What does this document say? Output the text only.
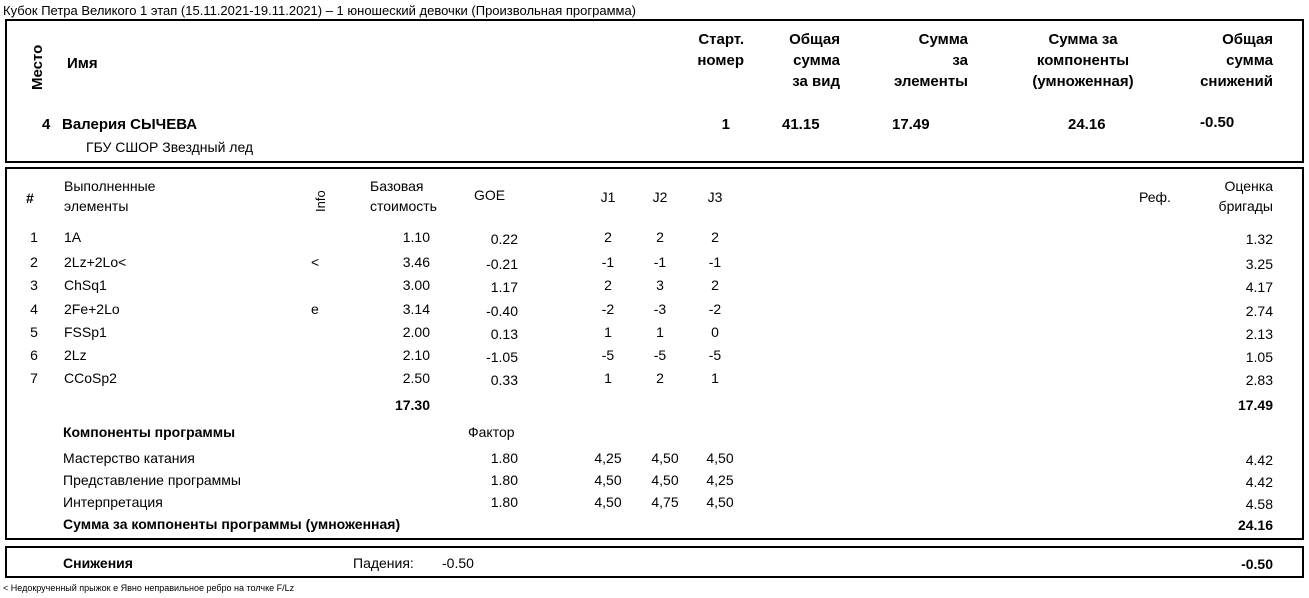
Кубок Петра Великого 1 этап (15.11.2021-19.11.2021) – 1 юношеский девочки (Произвольная программа)
Место Имя
Старт.
номер
Общая
сумма
за вид
Сумма
за
элементы
Сумма за
компоненты
(умноженная)
Общая
сумма
снижений
4 Валерия СЫЧЕВА
ГБУ СШОР Звездный лед
1	41.15	17.49	24.16	-0.50
#
Выполненные
элементы	Info
Базовая
стоимость
GOE	J1	J2	J3	Реф.
Оценка
бригады
1 1A	1.10	0.22	2	2	2	1.32
2 2Lz+2Lo<	<	3.46	-0.21	-1	-1	-1	3.25
3 ChSq1	3.00	1.17	2	3	2	4.17
4 2Fe+2Lo	e	3.14	-0.40	-2	-3	-2	2.74
5 FSSp1	2.00	0.13	1	1	0	2.13
6 2Lz	2.10	-1.05	-5	-5	-5	1.05
7 CCoSp2	2.50	0.33	1	2	1	2.83
17.30	17.49
Компоненты программы	Фактор
Мастерство катания	1.80	4,25	4,50	4,50	4.42
Представление программы	1.80	4,50	4,50	4,25	4.42
Интерпретация	1.80	4,50	4,75	4,50	4.58
Сумма за компоненты программы (умноженная)	24.16
Снижения	Падения: -0.50	-0.50
< Недокрученный прыжок e Явно неправильное ребро на толчке F/Lz
